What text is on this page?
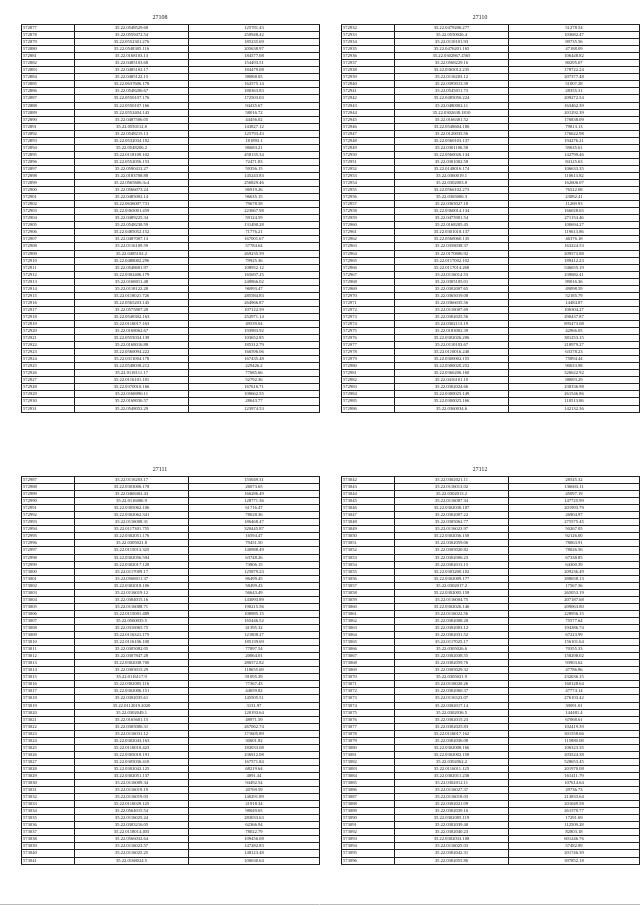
27108
572877	35.22.0548529.68	125781.43
572878	35.22.0559472.54	250948.42
572879	35.22.0552301.276	185235.69
572880	35.22.0548305.116	205638.97
572881	35.22.0168103.13	184577.08
572882	35.22.0485103.68	154493.51
572883	35.22.0485102.17	184479.08
572884	35.22.0485122.15	88068.05
572885	35.22.0637606.178	162575.14
572886	35.22.0548206.67	180363.83
572887	35.22.0550107.176	172503.03
572888	35.22.0550107.166	94435.67
572889	35.22.0552404.143	58016.72
572890	35.22.0487506.05	44456.02
572891	35.22.0550112.8	143827.12
572892	35.22.0548215.13	125793.43
572893	35.22.0532034.102	181893.1
572894	35.22.0548206.2	86683.21
572895	35.22.0118109.102	458135.34
572896	35.22.0552056.153	72471.83
572897	35.22.0590412.27	59356.15
572898	35.22.0183708.88	145243.83
572899	35.22.0565606.3c4	256829.46
572900	35.22.0566073.24	86919.26
572901	35.22.0485002.14	96635.15
572902	35.22.0636007.731	79678.58
572903	35.22.0365001.459	223667.98
572904	35.22.0489225.34	59124.59
572905	35.22.0548238.59	131490.28
572906	35.22.0485052.152	71776.21
572907	35.22.0487007.13	167001.67
572908	35.22.0116109.59	57784.64
572909	35.22.0485102.2	269235.59
572910	35.22.0488002.296	79925.36
572911	35.22.0548601.97	108952.12
572912	35.22.0302406.179	165697.25
572913	35.22.0168011.48	240866.02
572914	35.22.0118122.28	96993.47
572915	35.22.0118021.726	285584.83
572916	35.22.0565203.145	264966.87
572917	35.22.0575807.28	107122.59
572918	35.22.0548302.163	252971.14
572919	35.22.0116017.163	49539.04
572920	35.22.0168062.67	193983.92
572921	35.22.0555034.139	103652.85
572922	35.22.0168016.88	185312.79
572923	35.22.0560094.222	166596.06
572924	35.22.0311004.178	167435.48
572925	35.22.0548038.212	229426.2
572926	35.22.0118111.17	77685.66
572927	35.22.0116101.181	52792.36
572928	35.22.0370010.166	167616.71
572929	35.22.0168096.11	100662.55
572930	35.22.0168036.57	28643.77
572931	35.22.0548052.29	123974.53
27110
572932	35.22.0479206.277	51278.54
572933	35.22.0550026.4	103682.47
572934	35.22.0110101.93	89735.56
572935	35.22.0476201.165	47188.09
572936	35.22.0302867.2565	106448.82
572937	35.22.0568229.16	80295.07
572938	35.22.0365012.235	178722.24
572939	35.22.0116203.12	207377.48
572940	35.22.0395013.39	51007.28
572941	35.22.0545011.73	28355.31
572942	35.22.0485056.224	209272.54
572943	35.22.0480002.11	163462.39
572944	35.22.0302638.1810	201292.39
572945	35.22.0166301.52	176838.09
572946	35.22.0548604.180	79813.13
572947	35.22.0120035.56	176622.98
572948	35.22.0560103.137	194276.21
572949	35.22.0301106.58	59635.61
572950	35.22.0560026.134	142799.46
572951	35.22.0301002.58	84125.63
572952	35.22.0148016.174	106633.35
572953	35.22.0360019.1	110613.82
572954	35.22.0302003.8	162606.07
572955	35.22.0566102.273	76522.08
572956	35.22.0365006.3	23082.41
572957	35.22.0365027.18	11269.93
572958	35.22.0360014.134	166028.65
572959	35.22.0475901.54	271154.46
572960	35.22.0168205.45	100694.27
572961	35.22.0301018.137	119613.86
572962	35.22.0560060.135	46376.18
572963	35.22.0358038.37	163224.53
572964	35.22.0170806.92	209573.88
572965	35.22.0117002.102	189412.23
572966	35.22.0117014.268	546655.19
572967	35.22.0116014.53	239682.41
572968	35.22.0305105.01	89016.36
572969	35.22.0302007.65	49098.59
572970	35.22.0365019.08	52185.79
572971	35.22.0366035.56	14484.87
572972	35.22.0110007.69	106304.27
572973	35.22.0302025.56	290437.87
572974	35.22.0302113.19	895473.08
572975	35.22.0183002.39	42966.05
572976	35.22.0302026.206	381253.15
572977	35.22.0110103.67	218979.27
572978	35.22.0110016.240	63378.23
572979	35.22.0300002.155	75894.44
572980	35.22.0300020.252	90633.98
572981	35.22.0366206.160	326622.92
572982	35.22.0416101.10	88693.29
572983	35.22.0302024.66	238336.98
572984	35.22.0300025.149	261546.86
572985	35.22.0300025.166	110513.86
572986	35.22.0360034.6	142132.36
27111
572987	35.22.0116203.17	155049.31
572988	35.22.0303006.178	26073.65
572989	35.22.0468402.43	166286.49
572990	35.22.0116006.9	128771.36
572991	35.22.0305062.106	61716.47
572992	35.22.0302062.341	78028.36
572993	35.22.0116008.31	186468.47
572994	35.22.0117301.755	320445.87
572995	35.22.0302051.176	16594.47
572996	35.22.0305021.8	79451.50
572997	35.22.0115013.325	140988.49
572998	35.22.0302056.594	63748.26
572999	35.22.0302017.128	73806.15
573000	35.22.0117009.17	125879.23
573001	35.22.0568011.37	86499.45
573002	35.22.0302018.106	58499.43
573003	35.22.0116019.12	56643.49
573004	35.22.0304015.16	143093.89
573005	35.22.0116008.71	190215.56
573006	35.22.0115001.489	108985.15
573007	35.22.0560035.5	165446.52
573008	35.22.0316065.75	41395.32
573009	35.22.0116321.175	121808.27
573010	35.22.0116106.100	185139.69
573011	35.22.0305082.05	77897.54
573012	35.22.0307847.28	20064.01
573013	35.22.0302038.700	286572.82
573014	35.22.0303015.29	118655.69
573015	35.22.0116117.9	81095.39
573016	35.22.0302005.116	77367.43
573017	35.22.0302006.151	44659.82
573018	35.22.0302035.61	145505.51
573019	35.22.0112019.2020	3131.97
573020	35.22.0302049.1	120193.64
573021	35.22.0165601.15	48971.59
573022	35.22.0305006.31	267062.74
573023	35.22.0116031.12	171605.89
573024	35.22.0302043.163	30601.82
573025	35.22.0116010.423	183033.08
573026	35.22.0305018.191	236912.08
573027	35.22.0305036.410	167571.84
573028	35.22.0302042.125	68219.64
573029	35.22.0302051.137	4091.34
573030	35.22.0116009.34	94492.54
573031	35.22.0116019.19	20769.59
573032	35.22.0116019.03	140291.89
573033	35.22.0116029.125	21918.34
573034	35.22.0564015.54	98049.65
573035	35.22.0116025.24	283033.63
573036	35.22.0303216.05	62366.94
573037	35.22.0118014.403	78022.79
573038	35.22.0566032.64	109456.08
573039	35.22.0116023.57	147282.83
573040	35.22.0116025.25	148123.48
573041	35.22.0168024.5	100630.64
27112
573042	35.22.0302021.11	28545.32
573043	35.22.0116013.02	136603.11
573044	35.22.0302013.2	45097.19
573045	35.22.0116007.34	147725.99
573046	35.22.0302030.107	201993.79
573047	35.22.0302007.22	26904.97
573048	35.22.0305062.77	275575.45
573049	35.22.0116023.97	50267.05
573050	35.22.0302036.158	92126.00
573051	35.22.0302059.06	78063.91
573052	35.22.0305020.82	78026.56
573053	35.22.0302006.23	67338.85
573054	35.22.0302013.15	64300.39
573055	35.22.0303200.102	209236.49
573056	35.22.0302009.177	288658.13
573057	35.22.0302017.2	17567.36
573058	35.22.0302005.158	265053.19
573059	35.22.0116004.75	207187.68
573060	35.22.0302026.146	209063.80
573061	35.22.0116022.56	228956.15
573062	35.22.0302008.28	75577.64
573063	35.22.0302003.12	194386.74
573064	35.22.0302031.52	67223.99
573065	35.22.0117025.17	156101.64
573066	35.22.0305026.6	70355.33
573067	35.22.0302038.55	158298.02
573068	35.22.0302059.76	93903.62
573069	35.22.0305029.32	47786.86
573070	35.22.0305021.9	232636.15
573071	35.22.0116020.26	160128.64
573072	35.22.0302060.37	47774.14
573073	35.22.0116323.07	276103.42
573074	35.22.0302017.14	39091.01
573075	35.22.0302036.5	144481.4
573076	35.22.0302015.23	67068.61
573077	35.22.0302025.83	102419.39
573078	35.22.0116017.162	301558.66
573079	35.22.0302036.08	115880.08
573080	35.22.0302008.166	106323.35
573081	35.22.0302002.158	203524.38
573082	35.22.0302062.2	528653.45
573083	35.22.0116011.125	201970.08
573084	35.22.0302011.238	161411.79
573085	35.22.0302012.11	107614.64
573086	35.22.0116027.37	29736.73
573087	35.22.0116018.03	213833.64
573088	35.22.0302021.09	201049.58
573089	35.22.0302039.16	261570.77
573090	35.22.0302005.119	17291.69
573091	35.22.0302039.40	112509.28
573092	35.22.0302040.23	82803.18
573093	35.22.0302033.108	601246.76
573094	35.22.0116025.03	57482.89
573095	35.22.0302042.31	201746.39
573096	35.22.0302055.86	397852.18
